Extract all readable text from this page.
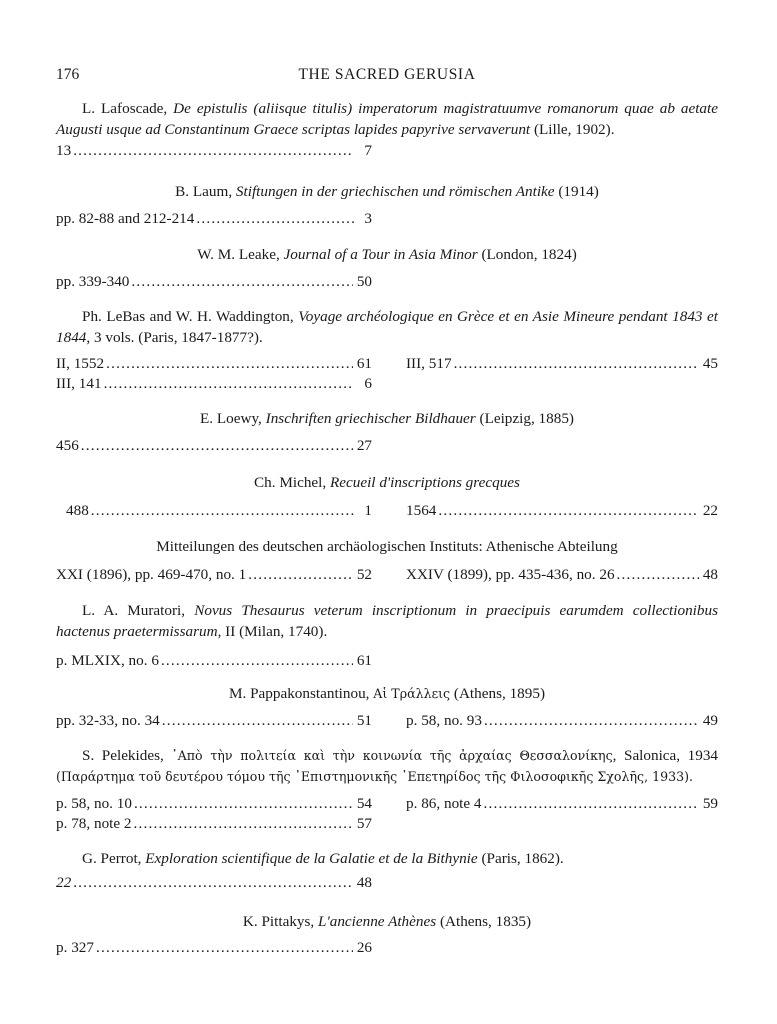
176	THE SACRED GERUSIA
L. Lafoscade, De epistulis (aliisque titulis) imperatorum magistratuumve romanorum quae ab aetate Augusti usque ad Constantinum Graece scriptas lapides papyrive servaverunt (Lille, 1902).
13 . . .	7
B. Laum, Stiftungen in der griechischen und römischen Antike (1914)
pp. 82-88 and 212-214 . . .	3
W. M. Leake, Journal of a Tour in Asia Minor (London, 1824)
pp. 339-340 . . .	50
Ph. LeBas and W. H. Waddington, Voyage archéologique en Grèce et en Asie Mineure pendant 1843 et 1844, 3 vols. (Paris, 1847-1877?).
II, 1552 . . .	61 III, 517 . . .	45
III, 141 . . .	6
E. Loewy, Inschriften griechischer Bildhauer (Leipzig, 1885)
456 . . .	27
Ch. Michel, Recueil d'inscriptions grecques
488 . . .	1 1564 . . .	22
Mitteilungen des deutschen archäologischen Instituts: Athenische Abteilung
XXI (1896), pp. 469-470, no. 1 . . .	52 XXIV (1899), pp. 435-436, no. 26 . . .	48
L. A. Muratori, Novus Thesaurus veterum inscriptionum in praecipuis earumdem collectionibus hactenus praetermissarum, II (Milan, 1740).
p. MLXIX, no. 6 . . .	61
M. Pappakonstantinou, Αἱ Τράλλεις (Athens, 1895)
pp. 32-33, no. 34 . . .	51 p. 58, no. 93 . . .	49
S. Pelekides, ᾿Απὸ τὴν πολιτεία καὶ τὴν κοινωνία τῆς ἀρχαίας Θεσσαλονίκης, Salonica, 1934 (Παράρτημα τοῦ δευτέρου τόμου τῆς ᾿Επιστημονικῆς ᾿Επετηρίδος τῆς Φιλοσοφικῆς Σχολῆς, 1933).
p. 58, no. 10 . . .	54 p. 86, note 4 . . .	59
p. 78, note 2 . . .	57
G. Perrot, Exploration scientifique de la Galatie et de la Bithynie (Paris, 1862).
22 . . .	48
K. Pittakys, L'ancienne Athènes (Athens, 1835)
p. 327 . . .	26
